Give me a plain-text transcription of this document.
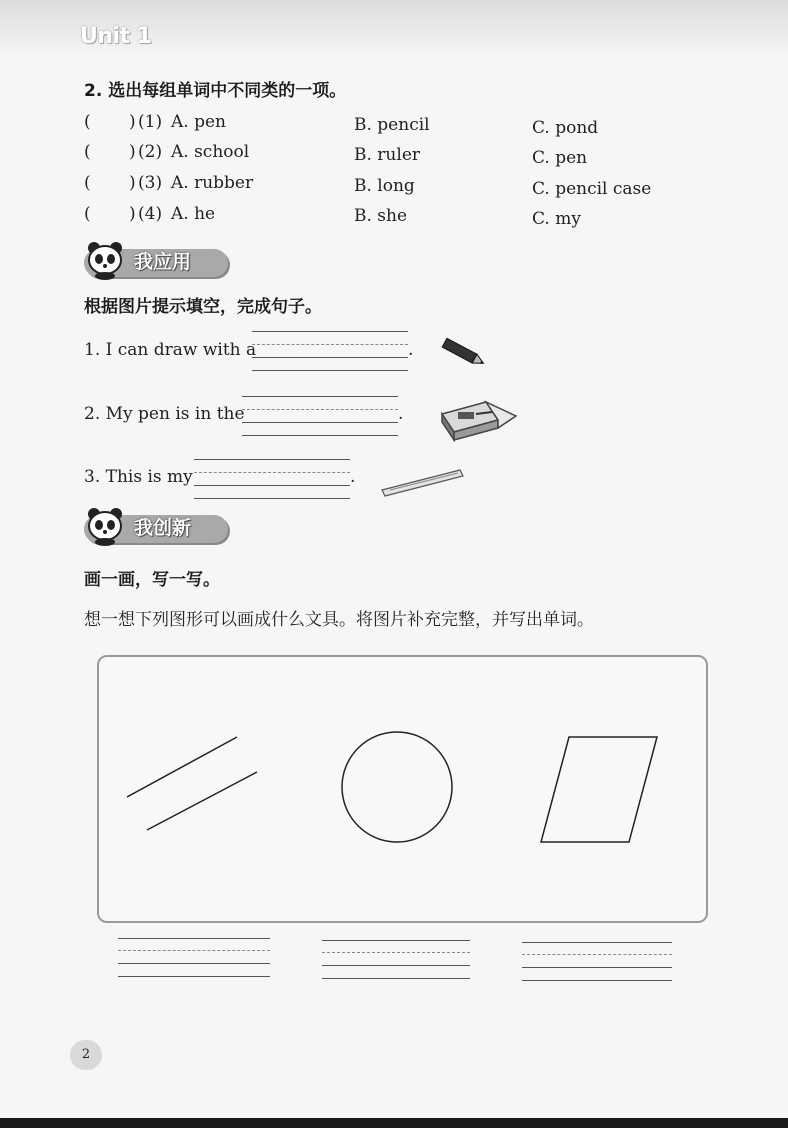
Unit 1
2. 选出每组单词中不同类的一项。
( ) (1) A. pen	B. pencil	C. pond
( ) (2) A. school	B. ruler	C. pen
( ) (3) A. rubber	B. long	C. pencil case
( ) (4) A. he	B. she	C. my
我应用
根据图片提示填空，完成句子。
1. I can draw with a	.
2. My pen is in the	.
3. This is my	.
我创新
画一画，写一写。
想一想下列图形可以画成什么文具。将图片补充完整，并写出单词。
2
